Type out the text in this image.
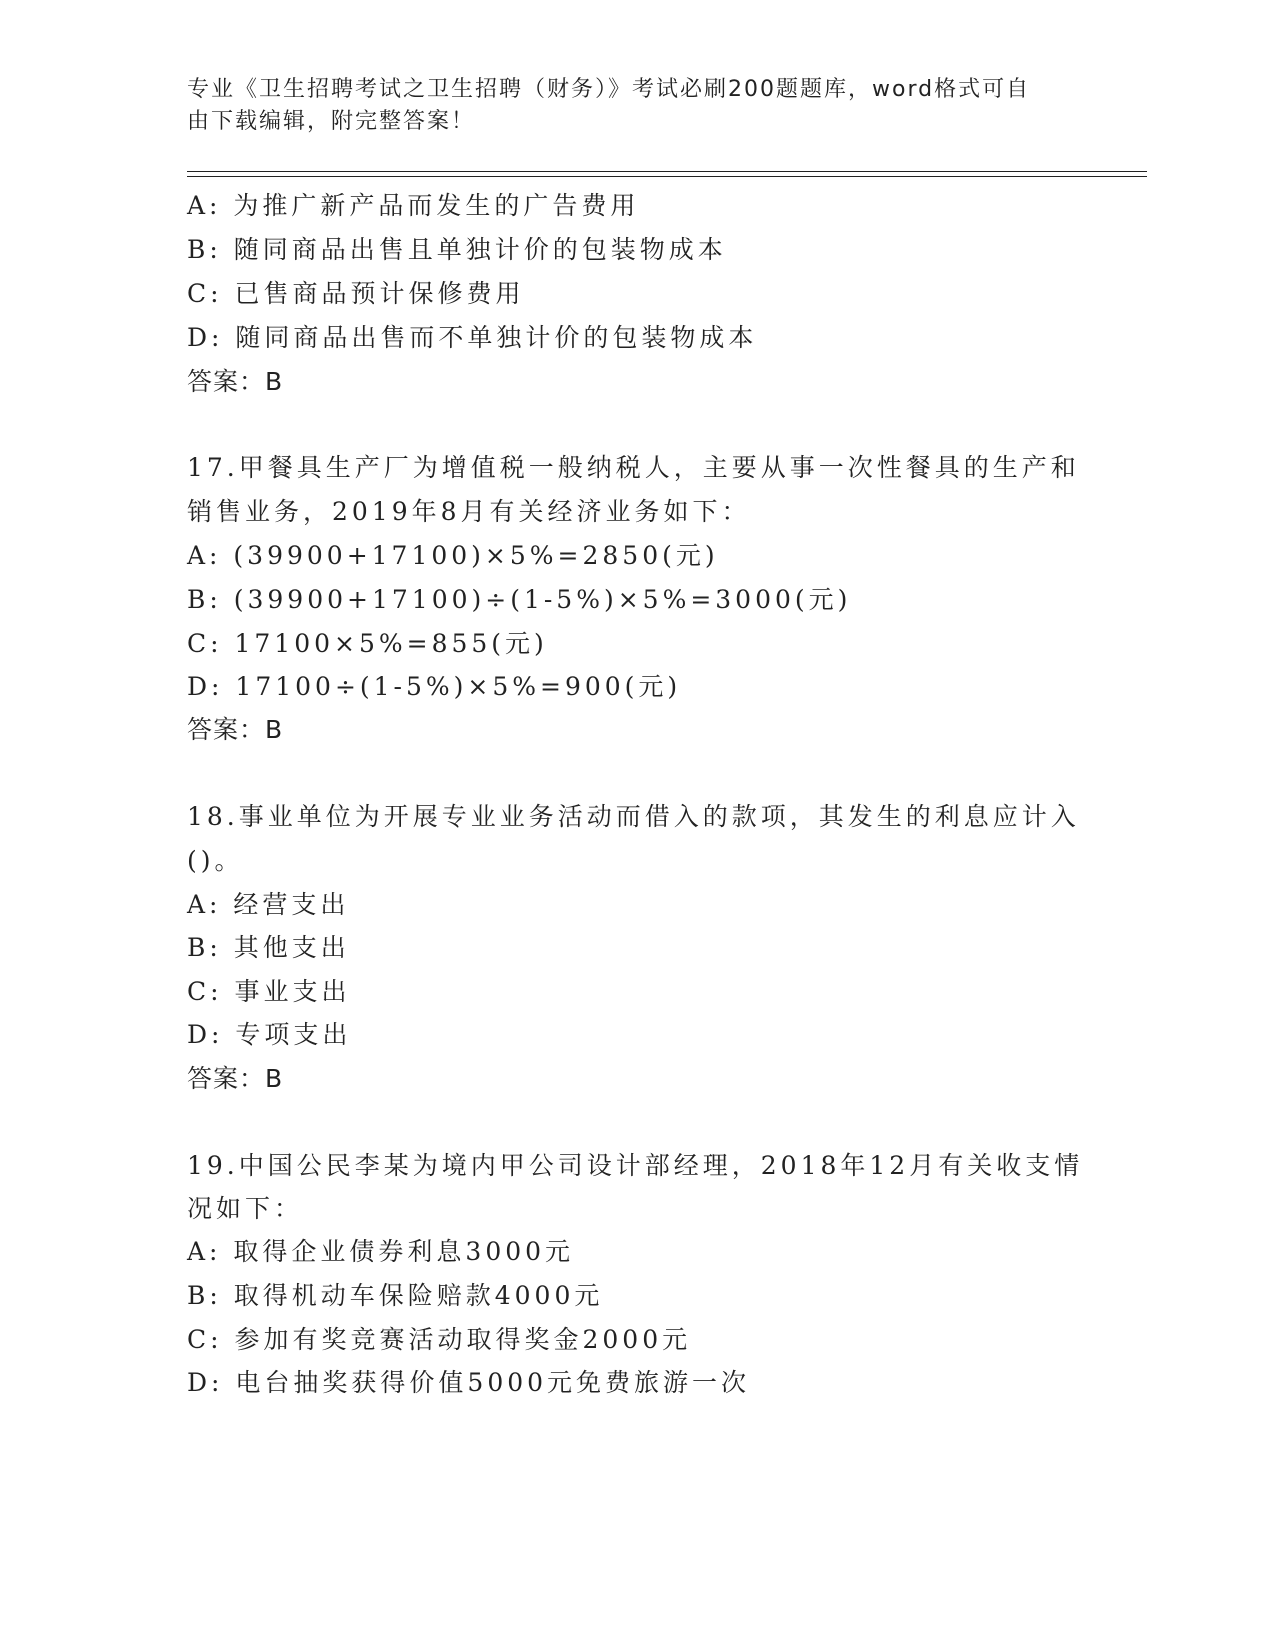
专业《卫生招聘考试之卫生招聘（财务）》考试必刷200题题库，word格式可自
由下载编辑，附完整答案！
A: 为推广新产品而发生的广告费用
B: 随同商品出售且单独计价的包装物成本
C: 已售商品预计保修费用
D: 随同商品出售而不单独计价的包装物成本
答案：B
17.甲餐具生产厂为增值税一般纳税人，主要从事一次性餐具的生产和
销售业务，2019年8月有关经济业务如下：
A: (39900+17100)×5%=2850(元)
B: (39900+17100)÷(1-5%)×5%=3000(元)
C: 17100×5%=855(元)
D: 17100÷(1-5%)×5%=900(元)
答案：B
18.事业单位为开展专业业务活动而借入的款项，其发生的利息应计入
()。
A: 经营支出
B: 其他支出
C: 事业支出
D: 专项支出
答案：B
19.中国公民李某为境内甲公司设计部经理，2018年12月有关收支情
况如下：
A: 取得企业债券利息3000元
B: 取得机动车保险赔款4000元
C: 参加有奖竞赛活动取得奖金2000元
D: 电台抽奖获得价值5000元免费旅游一次
